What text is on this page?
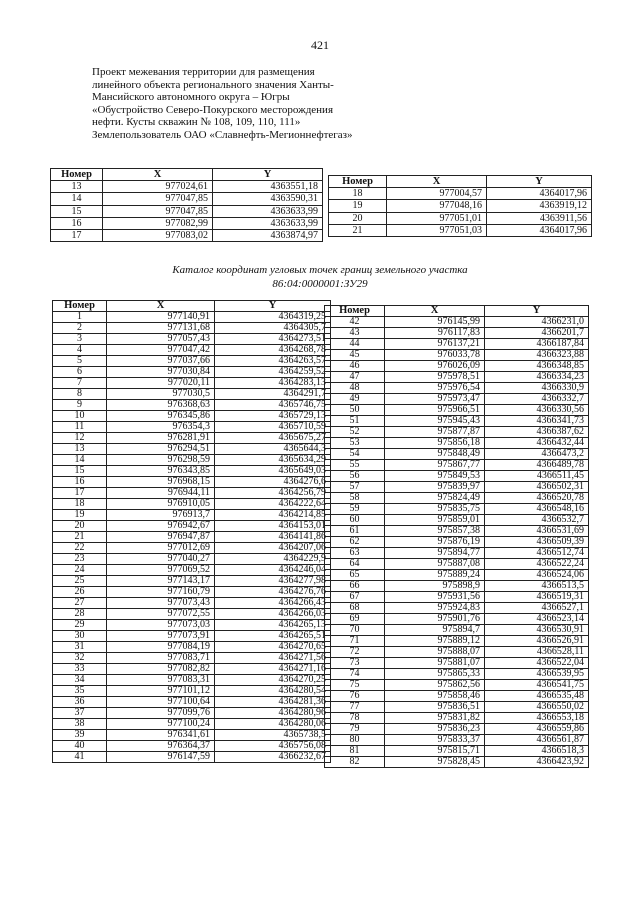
421
Проект межевания территории для размещения
линейного объекта регионального значения Ханты-
Мансийского автономного округа – Югры
«Обустройство Северо-Покурского месторождения
нефти. Кусты скважин № 108, 109, 110, 111»
Землепользователь ОАО «Славнефть-Мегионнефтегаз»
Номер	X	Y
13	977024,61	4363551,18
14	977047,85	4363590,31
15	977047,85	4363633,99
16	977082,99	4363633,99
17	977083,02	4363874,97
Номер	X	Y
18	977004,57	4364017,96
19	977048,16	4363919,12
20	977051,01	4363911,56
21	977051,03	4364017,96
Каталог координат угловых точек границ земельного участка
86:04:0000001:ЗУ29
Номер	X	Y
1	977140,91	4364319,25
2	977131,68	4364305,7
3	977057,43	4364273,51
4	977047,42	4364268,78
5	977037,66	4364263,57
6	977030,84	4364259,52
7	977020,11	4364283,13
8	977030,5	4364291,7
9	976368,63	4365746,75
10	976345,86	4365729,13
11	976354,3	4365710,59
12	976281,91	4365675,27
13	976294,51	4365644,3
14	976298,59	4365634,29
15	976343,85	4365649,03
16	976968,15	4364276,6
17	976944,11	4364256,79
18	976910,05	4364222,64
19	976913,7	4364214,85
20	976942,67	4364153,01
21	976947,87	4364141,86
22	977012,69	4364207,06
23	977040,27	4364229,9
24	977069,52	4364246,04
25	977143,17	4364277,98
26	977160,79	4364276,76
27	977073,43	4364266,43
28	977072,55	4364266,03
29	977073,03	4364265,13
30	977073,91	4364265,51
31	977084,19	4364270,65
32	977083,71	4364271,56
33	977082,82	4364271,16
34	977083,31	4364270,25
35	977101,12	4364280,54
36	977100,64	4364281,36
37	977099,76	4364280,96
38	977100,24	4364280,06
39	976341,61	4365738,5
40	976364,37	4365756,08
41	976147,59	4366232,67
Номер	X	Y
42	976145,99	4366231,0
43	976117,83	4366201,7
44	976137,21	4366187,84
45	976033,78	4366323,88
46	976026,09	4366348,85
47	975978,51	4366334,23
48	975976,54	4366330,9
49	975973,47	4366332,7
50	975966,51	4366330,56
51	975945,43	4366341,73
52	975877,87	4366387,62
53	975856,18	4366432,44
54	975848,49	4366473,2
55	975867,77	4366489,78
56	975849,53	4366511,45
57	975839,97	4366502,31
58	975824,49	4366520,78
59	975835,75	4366548,16
60	975859,01	4366532,7
61	975857,38	4366531,69
62	975876,19	4366509,39
63	975894,77	4366512,74
64	975887,08	4366522,24
65	975889,24	4366524,06
66	975898,9	4366513,5
67	975931,56	4366519,31
68	975924,83	4366527,1
69	975901,76	4366523,14
70	975894,7	4366530,91
71	975889,12	4366526,91
72	975888,07	4366528,11
73	975881,07	4366522,04
74	975865,33	4366539,95
75	975862,56	4366541,75
76	975858,46	4366535,48
77	975836,51	4366550,02
78	975831,82	4366553,18
79	975836,23	4366559,86
80	975833,37	4366561,87
81	975815,71	4366518,3
82	975828,45	4366423,92
